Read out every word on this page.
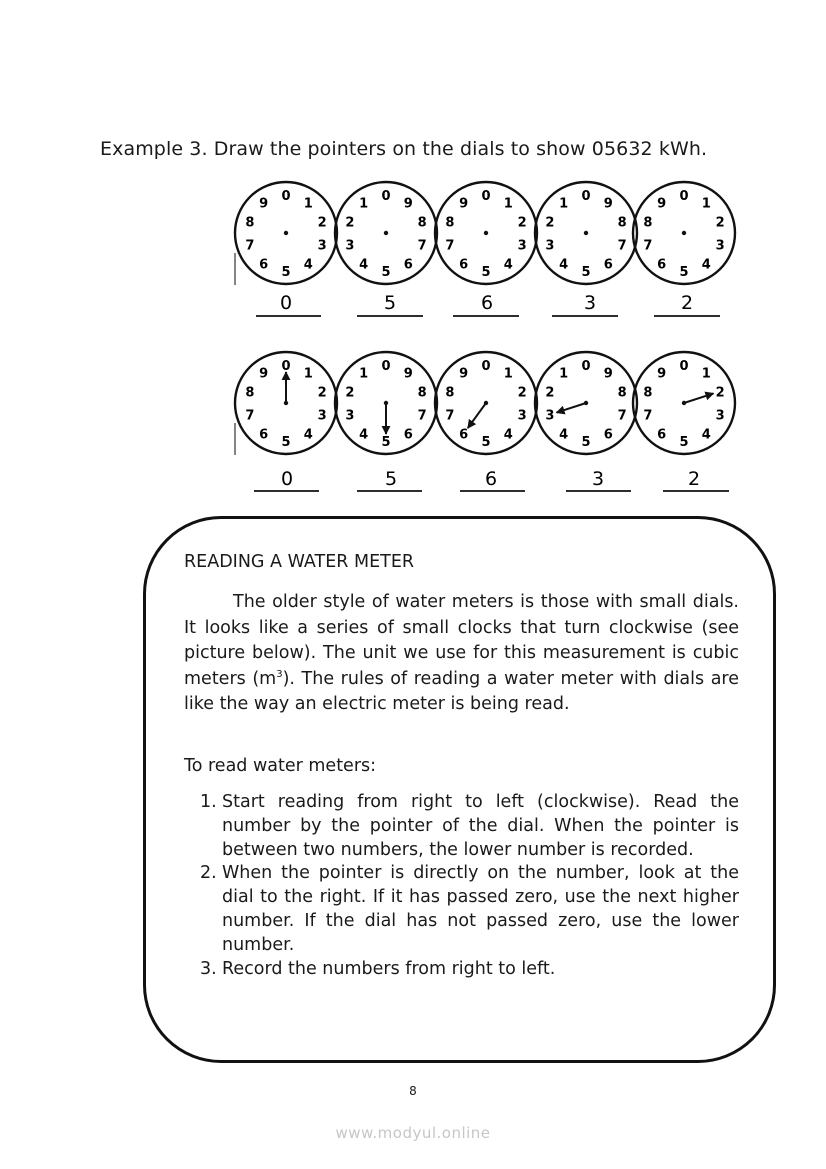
Example 3. Draw the pointers on the dials to show 05632 kWh.
0 1
2
3
4
5
6
7
8
9
0
0 9
8
7
6
5
4
3
2
1
5
0 1
2
3
4
5
6
7
8
9
6
0 9
8
7
6
5
4
3
2
1
3
0 1
2
3
4
5
6
7
8
9
2
0 1
2
3
4
5
6
7
8
9
0
0 9
8
7
6
5
4
3
2
1
5
0 1
2
3
4
5
6
7
8
9
6
0 9
8
7
6
5
4
3
2
1
3
0 1
2
3
4
5
6
7
8
9
2
READING A WATER METER

The older style of water meters is those with small dials. It looks like a series of small clocks that turn clockwise (see picture below). The unit we use for this measurement is cubic meters $(m^3)$. The rules of reading a water meter with dials are like the way an electric meter is being read.

To read water meters:
1. Start reading from right to left (clockwise). Read the number by the pointer of the dial. When the pointer is between two numbers, the lower number is recorded.
2. When the pointer is directly on the number, look at the dial to the right. If it has passed zero, use the next higher number. If the dial has not passed zero, use the lower number.
3. Record the numbers from right to left.
8
www.modyul.online
